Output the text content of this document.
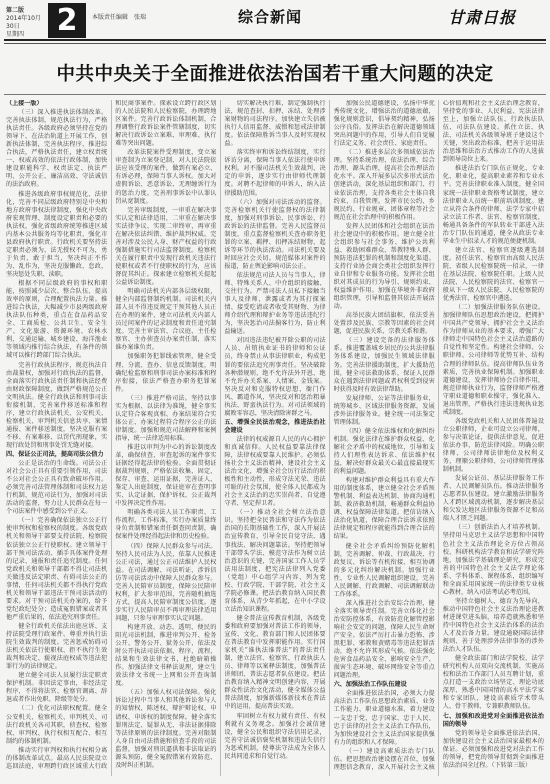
第二版
2014年10月30日
星期四	2	本版责任编辑　张瑞	综合新闻	甘肃日报
中共中央关于全面推进依法治国若干重大问题的决定

（上接一版）

（三）深入推进执法体制改革。完善执法体制，规范执法行为，严格执法责任。各级政府必须坚持在党的领导下、在法治轨道上开展工作，创新执法体制，完善执法程序，推进综合执法，严格执法责任，建立权责统一、权威高效的依法行政体制，加快建设职能科学、权责法定、执法严明、公开公正、廉洁高效、守法诚信的法治政府。

推进各级政府事权规范化、法律化，完善不同层级政府特别是中央和地方政府事权法律制度，强化中央政府宏观管理、制度设定职责和必要的执法权，强化省级政府统筹推进区域内基本公共服务均等化职责，强化市县政府执行职责。行政机关要坚持法定职责必须为、法无授权不可为，勇于负责、敢于担当，坚决纠正不作为、乱作为，坚决克服懒政、怠政，坚决惩处失职、渎职。

根据不同层级政府的事权和职能，按照减少层次、整合队伍、提高效率的原则，合理配置执法力量。推进综合执法，大幅减少市县两级政府执法队伍种类，重点在食品药品安全、工商质检、公共卫生、安全生产、文化旅游、资源环境、农林水利、交通运输、城乡建设、海洋渔业等领域内推行综合执法，有条件的领域可以推行跨部门综合执法。

完善行政执法程序，规范执法自由裁量权，加强对行政执法的监督，全面落实行政执法责任制和执法经费由财政保障制度，做到严格规范公正文明执法。健全行政执法和刑事司法衔接机制，完善案件移送标准和程序，建立行政执法机关、公安机关、检察机关、审判机关信息共享、案情通报、案件移送制度，坚决克服有案不移、有案难移、以罚代刑现象，实现行政处罚和刑事处罚无缝对接。

四、保证公正司法，提高司法公信力

公正是法治的生命线。司法公正对社会公正具有重要引领作用，司法不公对社会公正具有致命破坏作用。必须完善司法管理体制和司法权力运行机制，规范司法行为，加强对司法活动的监督，努力让人民群众在每一个司法案件中感受到公平正义。

（一）完善确保依法独立公正行使审判权和检察权的制度。各级党政机关和领导干部要支持法院、检察院依法独立公正行使职权。建立领导干部干预司法活动、插手具体案件处理的记录、通报和责任追究制度。任何党政机关和领导干部都不得让司法机关做违反法定职责、有碍司法公正的事情，任何司法机关都不得执行党政机关和领导干部违法干预司法活动的要求。对干预司法机关办案的，给予党纪政纪处分；造成冤假错案或者其他严重后果的，依法追究刑事责任。

健全行政机关依法出庭应诉、支持法院受理行政案件、尊重并执行法院生效裁判的制度。完善惩戒妨碍司法机关依法行使职权、拒不执行生效裁判和决定、藐视法庭权威等违法犯罪行为的法律规定。

建立健全司法人员履行法定职责保护机制。非因法定事由，非经法定程序，不得将法官、检察官调离、辞退或者作出免职、降级等处分。

（二）优化司法职权配置。健全公安机关、检察机关、审判机关、司法行政机关各司其职，侦查权、检察权、审判权、执行权相互配合、相互制约的体制机制。

推动实行审判权和执行权相分离的体制改革试点。最高人民法院设立巡回法庭，审理跨行政区域重大行政和民商事案件。探索设立跨行政区划的人民法院和人民检察院，办理跨地区案件。完善行政诉讼体制机制，合理调整行政诉讼案件管辖制度，切实解决行政诉讼立案难、审理难、执行难等突出问题。

改革法院案件受理制度，变立案审查制为立案登记制，对人民法院依法应该受理的案件，做到有案必立、有诉必理，保障当事人诉权。加大对虚假诉讼、恶意诉讼、无理缠诉行为的惩治力度。完善刑事诉讼中认罪认罚从宽制度。

完善审级制度，一审重在解决事实认定和法律适用，二审重在解决事实法律争议、实现二审终审，再审重在解决依法纠错、维护裁判权威。完善对涉及公民人身、财产权益的行政强制措施实行司法监督制度。检察机关在履行职责中发现行政机关违法行使职权或者不行使职权的行为，应该督促其纠正。探索建立检察机关提起公益诉讼制度。

明确司法机关内部各层级权限，健全内部监督制约机制。司法机关内部人员不得违反规定干预其他人员正在办理的案件，建立司法机关内部人员过问案件的记录制度和责任追究制度。完善主审法官、合议庭、主任检察官、主办侦查员办案责任制，落实谁办案谁负责。

加强职务犯罪线索管理，健全受理、分流、查办、信息反馈制度，明确纪检监察和刑事司法办案标准和程序衔接，依法严格查办职务犯罪案件。

（三）推进严格司法。坚持以事实为根据、以法律为准绳，健全事实认定符合客观真相、办案结果符合实体公正、办案过程符合程序公正的法律制度。加强和规范司法解释和案例指导，统一法律适用标准。

推进以审判为中心的诉讼制度改革，确保侦查、审查起诉的案件事实证据经得起法律的检验。全面贯彻证据裁判规则，严格依法收集、固定、保存、审查、运用证据，完善证人、鉴定人出庭制度，保证庭审在查明事实、认定证据、保护诉权、公正裁判中发挥决定性作用。

明确各类司法人员工作职责、工作流程、工作标准，实行办案质量终身负责制和错案责任倒查问责制，确保案件处理经得起法律和历史检验。

（四）保障人民群众参与司法。坚持人民司法为人民，依靠人民推进公正司法，通过公正司法维护人民权益。在司法调解、司法听证、涉诉信访等司法活动中保障人民群众参与。完善人民陪审员制度，保障公民陪审权利，扩大参审范围，完善随机抽选方式，提高人民陪审制度公信度。逐步实行人民陪审员不再审理法律适用问题，只参与审理事实认定问题。

构建开放、动态、透明、便民的阳光司法机制，推进审判公开、检务公开、警务公开、狱务公开，依法及时公开执法司法依据、程序、流程、结果和生效法律文书，杜绝暗箱操作。加强法律文书释法说理，建立生效法律文书统一上网和公开查询制度。

（五）加强人权司法保障。强化诉讼过程中当事人和其他诉讼参与人的知情权、陈述权、辩护辩论权、申请权、申诉权的制度保障。健全落实罪刑法定、疑罪从无、非法证据排除等法律原则的法律制度。完善对限制人身自由司法措施和侦查手段的司法监督，加强对刑讯逼供和非法取证的源头预防，健全冤假错案有效防范、及时纠正机制。

切实解决执行难，制定强制执行法，规范查封、扣押、冻结、处理涉案财物的司法程序。加快建立失信被执行人信用监督、威慑和惩戒法律制度。依法保障胜诉当事人及时实现权益。

落实终审和诉讼终结制度，实行诉访分离，保障当事人依法行使申诉权利。对不服司法机关生效裁判、决定的申诉，逐步实行由律师代理制度。对聘不起律师的申诉人，纳入法律援助范围。

（六）加强对司法活动的监督。完善检察机关行使监督权的法律制度，加强对刑事诉讼、民事诉讼、行政诉讼的法律监督。完善人民监督员制度，重点监督检察机关查办职务犯罪的立案、羁押、扣押冻结财物、起诉等环节的执法活动。司法机关要及时回应社会关切。规范媒体对案件的报道，防止舆论影响司法公正。

依法规范司法人员与当事人、律师、特殊关系人、中介组织的接触、交往行为。严禁司法人员私下接触当事人及律师、泄露或者为其打探案情、接受吃请或者收受其财物、为律师介绍代理和辩护业务等违法违纪行为，坚决惩治司法掮客行为，防止利益输送。

对因违法违纪被开除公职的司法人员、吊销执业证书的律师和公证员，终身禁止从事法律职业，构成犯罪的要依法追究刑事责任。坚决破除各种潜规则，绝不允许法外开恩，绝不允许办关系案、人情案、金钱案。坚决反对和克服特权思想、衙门作风、霸道作风，坚决反对和惩治粗暴执法、野蛮执法行为。对司法领域的腐败零容忍，坚决清除害群之马。

五、增强全民法治观念，推进法治社会建设

法律的权威源自人民的内心拥护和真诚信仰。人民权益要靠法律保障，法律权威要靠人民维护。必须弘扬社会主义法治精神，建设社会主义法治文化，增强全社会厉行法治的积极性和主动性，形成守法光荣、违法可耻的社会氛围，使全体人民都成为社会主义法治的忠实崇尚者、自觉遵守者、坚定捍卫者。

（一）推动全社会树立法治意识。坚持把全民普法和守法作为依法治国的长期基础性工作，深入开展法治宣传教育，引导全民自觉守法、遇事找法、解决问题靠法。坚持把领导干部带头学法、模范守法作为树立法治意识的关键，完善国家工作人员学法用法制度，把宪法法律列入党委（党组）中心组学习内容，列为党校、行政学院、干部学院、社会主义学院必修课。把法治教育纳入国民教育体系，从青少年抓起，在中小学设立法治知识课程。

健全普法宣传教育机制，各级党委和政府要加强对普法工作的领导，宣传、文化、教育部门和人民团体要在普法教育中发挥职能作用。实行国家机关“谁执法谁普法”的普法责任制，建立法官、检察官、行政执法人员、律师等以案释法制度，加强普法讲师团、普法志愿者队伍建设。把法治教育纳入精神文明创建内容，开展群众性法治文化活动，健全媒体公益普法制度，加强新媒体新技术在普法中的运用，提高普法实效。

牢固树立有权力就有责任、有权利就有义务观念。加强社会诚信建设，健全公民和组织守法信用记录，完善守法诚信褒奖机制和违法失信行为惩戒机制，使尊法守法成为全体人民共同追求和自觉行动。

加强公民道德建设，弘扬中华优秀传统文化，增强法治的道德底蕴，强化规则意识，倡导契约精神，弘扬公序良俗。发挥法治在解决道德领域突出问题中的作用，引导人们自觉履行法定义务、社会责任、家庭责任。

（二）推进多层次多领域依法治理。坚持系统治理、依法治理、综合治理、源头治理，提高社会治理法治化水平。深入开展多层次多形式法治创建活动，深化基层组织和部门、行业依法治理，支持各类社会主体自我约束、自我管理。发挥市民公约、乡规民约、行业规章、团体章程等社会规范在社会治理中的积极作用。

发挥人民团体和社会组织在法治社会建设中的积极作用。建立健全社会组织参与社会事务、维护公共利益、救助困难群众、帮教特殊人群、预防违法犯罪的机制和制度化渠道。支持行业协会商会类社会组织发挥行业自律和专业服务功能。发挥社会组织对其成员的行为导引、规则约束、权益维护作用。加强在华境外非政府组织管理，引导和监督其依法开展活动。

高举民族大团结旗帜，依法妥善处置涉及民族、宗教等因素的社会问题，促进民族关系、宗教关系和谐。

（三）建设完备的法律服务体系。推进覆盖城乡居民的公共法律服务体系建设，加强民生领域法律服务。完善法律援助制度，扩大援助范围，健全司法救助体系，保证人民群众在遇到法律问题或者权利受到侵害时获得及时有效法律帮助。

发展律师、公证等法律服务业，统筹城乡、区域法律服务资源，发展涉外法律服务业。健全统一司法鉴定管理体制。

（四）健全依法维权和化解纠纷机制。强化法律在维护群众权益、化解社会矛盾中的权威地位，引导和支持人们理性表达诉求、依法维护权益，解决好群众最关心最直接最现实的利益问题。

构建对维护群众利益具有重大作用的制度体系，建立健全社会矛盾预警机制、利益表达机制、协商沟通机制、救济救助机制，畅通群众利益协调、权益保障法律渠道。把信访纳入法治化轨道，保障合理合法诉求依照法律规定和程序就能得到合理合法的结果。

健全社会矛盾纠纷预防化解机制，完善调解、仲裁、行政裁决、行政复议、诉讼等有机衔接、相互协调的多元化纠纷解决机制。加强行业性、专业性人民调解组织建设，完善人民调解、行政调解、司法调解联动工作体系。

深入推进社会治安综合治理，健全落实领导责任制。完善立体化社会治安防控体系，有效防范化解管控影响社会安定的问题，保障人民生命财产安全。依法严厉打击暴力恐怖、涉黑犯罪、邪教和黄赌毒等违法犯罪活动，绝不允许其形成气候。依法强化危害食品药品安全、影响安全生产、损害生态环境、破坏网络安全等重点问题治理。

六、加强法治工作队伍建设

全面推进依法治国，必须大力提高法治工作队伍思想政治素质、业务工作能力、职业道德水准，着力建设一支忠于党、忠于国家、忠于人民、忠于法律的社会主义法治工作队伍，为加快建设社会主义法治国家提供强有力的组织和人才保障。

（一）建设高素质法治专门队伍。把思想政治建设摆在首位，加强理想信念教育，深入开展社会主义核心价值观和社会主义法治理念教育，坚持党的事业、人民利益、宪法法律至上，加强立法队伍、行政执法队伍、司法队伍建设。抓住立法、执法、司法机关各级领导班子建设这个关键，突出政治标准，把善于运用法治思维和法治方式推动工作的人选拔到领导岗位上来。

推进法治专门队伍正规化、专业化、职业化，提高职业素养和专业水平。完善法律职业准入制度，健全国家统一法律职业资格考试制度，建立法律职业人员统一职前培训制度。建立从符合条件的律师、法学专家中招录立法工作者、法官、检察官制度，畅通具备条件的军队转业干部进入法治专门队伍的通道，健全从政法专业毕业生中招录人才的规范便捷机制。

建立法官、检察官逐级遴选制度。初任法官、检察官由高级人民法院、省级人民检察院统一招录，一律在基层法院、检察院任职。上级人民法院、人民检察院的法官、检察官一般从下一级人民法院、人民检察院的优秀法官、检察官中遴选。

（二）加强法律服务队伍建设。加强律师队伍思想政治建设，把拥护中国共产党领导、拥护社会主义法治作为律师从业的基本要求，增强广大律师走中国特色社会主义法治道路的自觉性和坚定性。构建社会律师、公职律师、公司律师等优势互补、结构合理的律师队伍。提高律师队伍业务素质，完善执业保障机制。加强职业道德建设，发挥律师协会自律作用，规范律师执业行为，监督律师严格遵守职业道德和职业操守，强化准入、退出管理，严格执行违法违规执业惩戒制度。

各级党政机关和人民团体普遍设立公职律师，企业可设立公司律师，参与决策论证，提供法律意见，促进依法办事，防范法律风险。明确公职律师、公司律师法律地位及权利义务，理顺公职律师、公司律师管理体制机制。

发展公证员、基层法律服务工作者、人民调解员队伍。推动法律服务志愿者队伍建设。建立激励法律服务人才跨区域流动机制，逐步解决基层和欠发达地区法律服务资源不足和高端人才匮乏问题。

（三）创新法治人才培养机制。坚持用马克思主义法学思想和中国特色社会主义法治理论全方位占领高校、科研机构法学教育和法学研究阵地，加强法学基础理论研究，形成完善的中国特色社会主义法学理论体系、学科体系、课程体系，组织编写和全面采用国家统一的法律类专业核心教材，纳入司法考试必考范围。

坚持立德树人、德育为先导向，推动中国特色社会主义法治理论进教材进课堂进头脑，培养造就熟悉和坚持中国特色社会主义法治体系的法治人才及后备力量。建设通晓国际法律规则、善于处理涉外法律事务的涉外法治人才队伍。

健全政法部门和法学院校、法学研究机构人员双向交流机制，实施高校和法治工作部门人员互聘计划，重点打造一支政治立场坚定、理论功底深厚、熟悉中国国情的高水平法学家和专家团队，建设高素质学术带头人、骨干教师、专兼职教师队伍。

七、加强和改进党对全面推进依法治国的领导

党的领导是全面推进依法治国、加快建设社会主义法治国家最根本的保证。必须加强和改进党对法治工作的领导，把党的领导贯彻到全面推进依法治国全过程。（下转第三版）
